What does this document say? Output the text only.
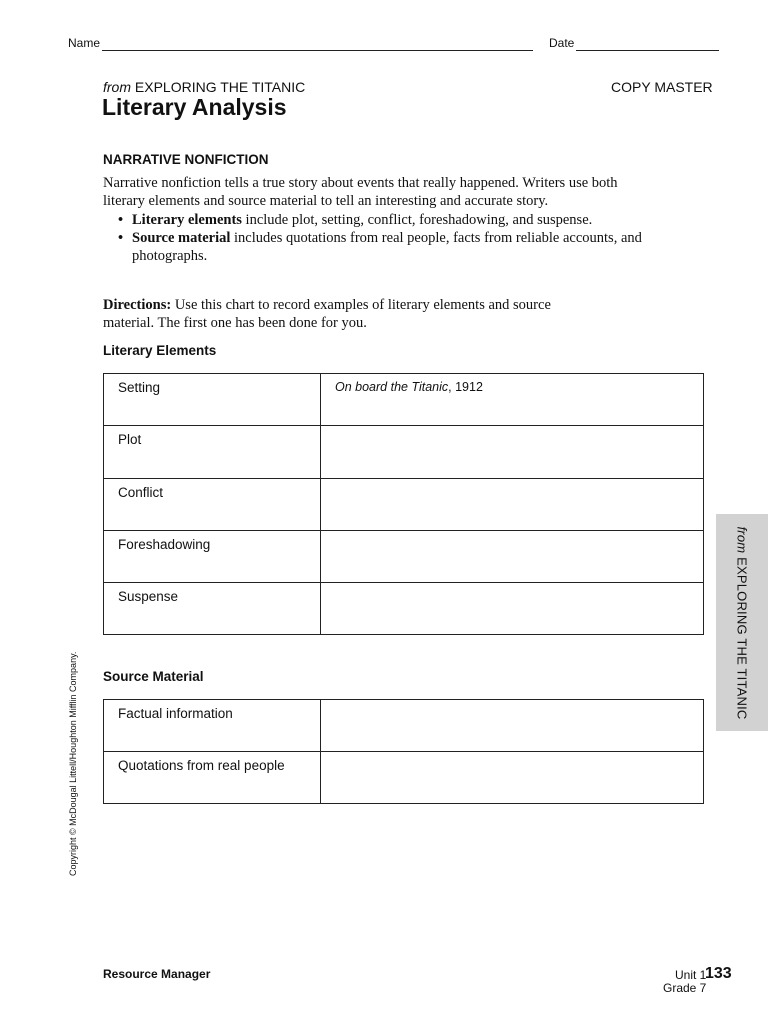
Name	Date
from EXPLORING THE TITANIC	COPY MASTER
Literary Analysis
NARRATIVE NONFICTION
Narrative nonfiction tells a true story about events that really happened. Writers use both literary elements and source material to tell an interesting and accurate story.
• Literary elements include plot, setting, conflict, foreshadowing, and suspense.
• Source material includes quotations from real people, facts from reliable accounts, and photographs.
Directions: Use this chart to record examples of literary elements and source material. The first one has been done for you.
Literary Elements
Setting	On board the Titanic, 1912
Plot	
Conflict	
Foreshadowing	
Suspense	
Source Material
Factual information	
Quotations from real people	
from EXPLORING THE TITANIC
Copyright © McDougal Littell/Houghton Mifflin Company.
Resource Manager	Unit 1
Grade 7
133
